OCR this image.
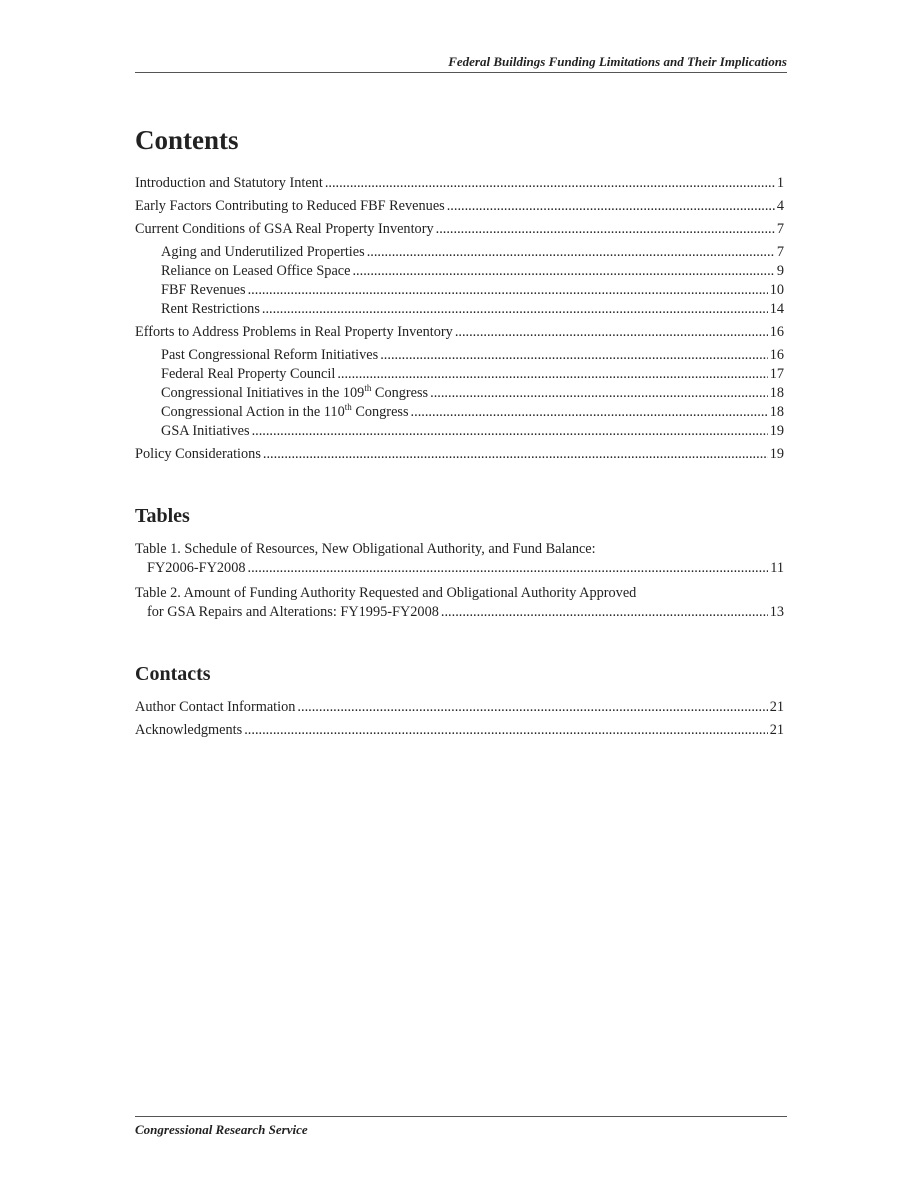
Federal Buildings Funding Limitations and Their Implications
Contents
Introduction and Statutory Intent .....	1
Early Factors Contributing to Reduced FBF Revenues .....	4
Current Conditions of GSA Real Property Inventory .....	7
Aging and Underutilized Properties .....	7
Reliance on Leased Office Space .....	9
FBF Revenues .....	10
Rent Restrictions .....	14
Efforts to Address Problems in Real Property Inventory .....	16
Past Congressional Reform Initiatives .....	16
Federal Real Property Council .....	17
Congressional Initiatives in the 109th Congress .....	18
Congressional Action in the 110th Congress .....	18
GSA Initiatives .....	19
Policy Considerations .....	19
Tables
Table 1. Schedule of Resources, New Obligational Authority, and Fund Balance:
FY2006-FY2008 .....	11
Table 2. Amount of Funding Authority Requested and Obligational Authority Approved
for GSA Repairs and Alterations: FY1995-FY2008 .....	13
Contacts
Author Contact Information .....	21
Acknowledgments .....	21
Congressional Research Service
